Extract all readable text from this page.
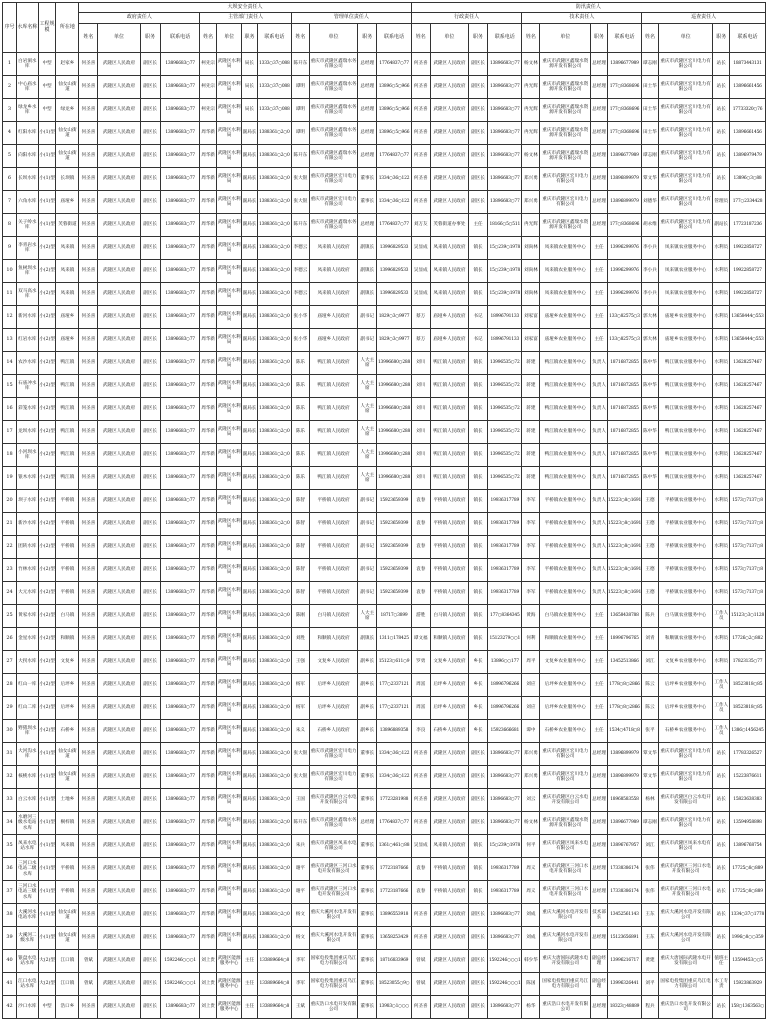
序号	水库名称	工程规模	所在地	大坝安全责任人												防汛责任人											
				政府责任人				主管部门责任人				管理单位责任人				行政责任人				技术责任人				巡查责任人			
				姓名	单位	职务	联系电话	姓名	单位	职务	联系电话	姓名	单位	职务	联系电话	姓名	单位	职务	联系电话	姓名	单位	职务	联系电话	姓名	单位	职务	联系电话
1	白岩洞水库	中型	赵家乡	何圣喜	武隆区人民政府	副区长	13896683○77	柯先宗	武隆区水利局	局长	1333○37○088	陈开东	重庆市武隆区鑫瑞水务有限公司	总经理	17764837○77	何圣喜	武隆区人民政府	副区长	13896683○77	杨文林	重庆市武隆区鑫瑞水资源开发有限公司	总经理	13896677989	谭志刚	重庆市武隆区宏川电力有限公司	站长	18873443131
2	中心庙水库	中型	仙女山街道	何圣喜	武隆区人民政府	副区长	13896683○77	柯先宗	武隆区水利局	局长	1333○37○088	谭明	重庆市武隆区鑫瑞水务有限公司	总经理	13896○5○966	何圣喜	武隆区人民政府	副区长	13896683○77	冉光辉	重庆市武隆区鑫瑞水资源开发有限公司	总经理	177○8368696	田士华	重庆市武隆区宏川电力有限公司	站长	13896661456
3	绿龙乡水库	中型	绿龙乡	何圣喜	武隆区人民政府	副区长	13896683○77	柯先宗	武隆区水利局	局长	1333○37○088	谭明	重庆市武隆区鑫瑞水务有限公司	总经理	13896○5○966	何圣喜	武隆区人民政府	副区长	13896683○77	冉光辉	重庆市武隆区鑫瑞水资源开发有限公司	总经理	177○8368696	田士华	重庆市武隆区宏川电力有限公司	站长	17733320○76
4	红阳水库	小(1)型	仙女山街道	何圣喜	武隆区人民政府	副区长	13896683○77	周华新	武隆区水利局	副局长	1388361○2○0	谭明	重庆市武隆区鑫瑞水务有限公司	总经理	13896○5○966	何圣喜	武隆区人民政府	副区长	13896683○77	冉光辉	重庆市武隆区鑫瑞水资源开发有限公司	总经理	177○8368696	田士华	重庆市武隆区宏川电力有限公司	站长	13896661456
5	向阳水库	小(1)型	仙女山街道	何圣喜	武隆区人民政府	副区长	13896683○77	周华新	武隆区水利局	副局长	1388361○2○0	陈开东	重庆市武隆区鑫瑞水务有限公司	总经理	17764837○77	何圣喜	武隆区人民政府	副区长	13896683○77	杨文林	重庆市武隆区鑫瑞水资源开发有限公司	总经理	13896677989	谭志刚	重庆市武隆区宏川电力有限公司	站长	13896979479
6	长坝水库	小(1)型	长坝镇	何圣喜	武隆区人民政府	副区长	13896683○77	周华新	武隆区水利局	副局长	1388361○2○0	张大银	重庆市武隆区宏川电力有限公司	董事长	1334○36○122	何圣喜	武隆区人民政府	副区长	13896683○77	郑兴勇	重庆市武隆区宏川电力有限公司	总经理	13896899979	覃文华	重庆市武隆区宏川电力有限公司	站长	13896○3○88
7	六角水库	小(1)型	庙垭乡	何圣喜	武隆区人民政府	副区长	13896683○77	周华新	武隆区水利局	副局长	1388361○2○0	张大银	重庆市武隆区宏川电力有限公司	董事长	1334○36○122	何圣喜	武隆区人民政府	副区长	13896683○77	郑兴勇	重庆市武隆区宏川电力有限公司	总经理	13896899979	刘德华	重庆市武隆区宏川电力有限公司	管理员	177○2334428
8	关子岭水库	小(1)型	芙蓉街道	何圣喜	武隆区人民政府	副区长	13896683○77	周华新	武隆区水利局	副局长	1388361○2○0	陈开东	重庆市武隆区鑫瑞水务有限公司	总经理	17764837○77	刘万友	芙蓉街道办事处	主任	18166○5○511	冉光辉	重庆市武隆区鑫瑞水资源开发有限公司	总经理	177○8368696	胡永维	重庆市武隆区宏川电力有限公司	副站长	17723187236
9	李青岩水库	小(2)型	凤来镇	何圣喜	武隆区人民政府	副区长	13896683○77	周华新	武隆区水利局	副局长	1388361○2○0	李德云	凤来镇人民政府	副镇长	13996829533	吴显成	凤来镇人民政府	镇长	15○239○1978	刘尚林	凤来镇农业服务中心	主任	13996299976	李小兵	凤来镇农业服务中心	水利员	19922858727
10	鱼树坝水库	小(2)型	凤来镇	何圣喜	武隆区人民政府	副区长	13896683○77	周华新	武隆区水利局	副局长	1388361○2○0	李德云	凤来镇人民政府	副镇长	13996829533	吴显成	凤来镇人民政府	镇长	15○239○1978	刘尚林	凤来镇农业服务中心	主任	13996299976	李小兵	凤来镇农业服务中心	水利员	19922858727
11	双马高水库	小(2)型	凤来镇	何圣喜	武隆区人民政府	副区长	13896683○77	周华新	武隆区水利局	副局长	1388361○2○0	李德云	凤来镇人民政府	副镇长	13996829533	吴显成	凤来镇人民政府	镇长	15○239○1978	刘尚林	凤来镇农业服务中心	主任	13996299976	李小兵	凤来镇农业服务中心	水利员	19922858727
12	新河水库	小(2)型	庙垭乡	何圣喜	武隆区人民政府	副区长	13896683○77	周华新	武隆区水利局	副局长	1388361○2○0	张小华	庙垭乡人民政府	副书记	1829○3○9977	蔡万	庙垭乡人民政府	书记	18996791133	刘家富	庙垭乡农业服务中心	主任	133○82575○3	郭大林	庙垭乡农业服务中心	水利员	13658444○553
13	红岩水库	小(2)型	庙垭乡	何圣喜	武隆区人民政府	副区长	13896683○77	周华新	武隆区水利局	副局长	1388361○2○0	张小华	庙垭乡人民政府	副书记	1829○3○9977	蔡万	庙垭乡人民政府	书记	18996791133	刘家富	庙垭乡农业服务中心	主任	133○82575○3	郭大林	庙垭乡农业服务中心	水利员	13658444○553
14	农沙水库	小(2)型	鸭江镇	何圣喜	武隆区人民政府	副区长	13896683○77	周华新	武隆区水利局	副局长	1388361○2○0	陈乐	鸭江镇人民政府	人大主席	13996680○288	刘川	鸭江镇人民政府	镇长	13996535○72	蒋建	鸭江镇农业服务中心	负责人	18716872855	陈中华	鸭江镇农业服务中心	水利员	13628257467
15	石庙冲水库	小(2)型	鸭江镇	何圣喜	武隆区人民政府	副区长	13896683○77	周华新	武隆区水利局	副局长	1388361○2○0	陈乐	鸭江镇人民政府	人大主席	13996680○288	刘川	鸭江镇人民政府	镇长	13996535○72	蒋建	鸭江镇农业服务中心	负责人	18716872855	陈中华	鸭江镇农业服务中心	水利员	13628257467
16	彩笼水库	小(2)型	鸭江镇	何圣喜	武隆区人民政府	副区长	13896683○77	周华新	武隆区水利局	副局长	1388361○2○0	陈乐	鸭江镇人民政府	人大主席	13996680○288	刘川	鸭江镇人民政府	镇长	13996535○72	蒋建	鸭江镇农业服务中心	负责人	18716872855	陈中华	鸭江镇农业服务中心	水利员	13628257467
17	龙坝水库	小(2)型	鸭江镇	何圣喜	武隆区人民政府	副区长	13896683○77	周华新	武隆区水利局	副局长	1388361○2○0	陈乐	鸭江镇人民政府	人大主席	13996680○288	刘川	鸭江镇人民政府	镇长	13996535○72	蒋建	鸭江镇农业服务中心	负责人	18716872855	陈中华	鸭江镇农业服务中心	水利员	13628257467
18	小河坝水库	小(2)型	鸭江镇	何圣喜	武隆区人民政府	副区长	13896683○77	周华新	武隆区水利局	副局长	1388361○2○0	陈乐	鸭江镇人民政府	人大主席	13996680○288	刘川	鸭江镇人民政府	镇长	13996535○72	蒋建	鸭江镇农业服务中心	负责人	18716872855	陈中华	鸭江镇农业服务中心	水利员	13628257467
19	银木水库	小(2)型	鸭江镇	何圣喜	武隆区人民政府	副区长	13896683○77	周华新	武隆区水利局	副局长	1388361○2○0	陈乐	鸭江镇人民政府	人大主席	13996680○288	刘川	鸭江镇人民政府	镇长	13996535○72	蒋建	鸭江镇农业服务中心	负责人	18716872855	陈中华	鸭江镇农业服务中心	水利员	13628257467
20	坝子水库	小(2)型	平桥镇	何圣喜	武隆区人民政府	副区长	13896683○77	周华新	武隆区水利局	副局长	1388361○2○0	陈智	平桥镇人民政府	副书记	15923659399	袁春	平桥镇人民政府	镇长	19936317789	李军	平桥镇农业服务中心	负责人	15223○8○1691	王德	平桥镇农业服务中心	水利员	1573○7137○8
21	新沙水库	小(2)型	平桥镇	何圣喜	武隆区人民政府	副区长	13896683○77	周华新	武隆区水利局	副局长	1388361○2○0	陈智	平桥镇人民政府	副书记	15923659399	袁春	平桥镇人民政府	镇长	19936317789	李军	平桥镇农业服务中心	负责人	15223○8○1691	王德	平桥镇农业服务中心	水利员	1573○7137○8
22	团转水库	小(2)型	平桥镇	何圣喜	武隆区人民政府	副区长	13896683○77	周华新	武隆区水利局	副局长	1388361○2○0	陈智	平桥镇人民政府	副书记	15923659399	袁春	平桥镇人民政府	镇长	19936317789	李军	平桥镇农业服务中心	负责人	15223○8○1691	王德	平桥镇农业服务中心	水利员	1573○7137○8
23	竹林水库	小(2)型	平桥镇	何圣喜	武隆区人民政府	副区长	13896683○77	周华新	武隆区水利局	副局长	1388361○2○0	陈智	平桥镇人民政府	副书记	15923659399	袁春	平桥镇人民政府	镇长	19936317789	李军	平桥镇农业服务中心	负责人	15223○8○1691	王德	平桥镇农业服务中心	水利员	1573○7137○8
24	大元水库	小(2)型	平桥镇	何圣喜	武隆区人民政府	副区长	13896683○77	周华新	武隆区水利局	副局长	1388361○2○0	陈智	平桥镇人民政府	副书记	15923659399	袁春	平桥镇人民政府	镇长	19936317789	李军	平桥镇农业服务中心	负责人	15223○8○1691	王德	平桥镇农业服务中心	水利员	1573○7137○8
25	黄家水库	小(2)型	白马镇	何圣喜	武隆区人民政府	副区长	13896683○77	周华新	武隆区水利局	副局长	1388361○2○0	陈刚	白马镇人民政府	人大主席	18717○3899	游胜	白马镇人民政府	镇长	177○8364345	黄海	白马镇农业服务中心	主任	13658438788	陈兵	白马镇农业服务中心	工作人员	15123○3○1128
26	金星水库	小(2)型	和顺镇	何圣喜	武隆区人民政府	副区长	13896683○77	周华新	武隆区水利局	副局长	1388361○2○0	刘胜	和顺镇人民政府	副镇长	1311○178425	谭文福	和顺镇人民政府	镇长	15123279○○1	何利	和顺镇农业服务中心	主任	18996796765	刘青	和顺镇农业服务中心	水利员	17726○2○882
27	大拐水库	小(2)型	文复乡	何圣喜	武隆区人民政府	副区长	13896683○77	周华新	武隆区水利局	副局长	1388361○2○0	王强	文复乡人民政府	副乡长	15123○611○9	罗勇	文复乡人民政府	乡长	13896○○177	周平	文复乡农业服务中心	主任	13452513866	刘江	文复乡农业服务中心	水利员	17823135○77
28	红山一库	小(2)型	后坪乡	何圣喜	武隆区人民政府	副区长	13896683○77	周华新	武隆区水利局	副局长	1388361○2○0	杨军	后坪乡人民政府	副乡长	177○2337121	周富	后坪乡人民政府	乡长	18996796266	刘应	后坪乡农业服务中心	主任	1778○8○2866	陈云	后坪乡农业服务中心	工作人员	18523818○85
29	红山二库	小(2)型	后坪乡	何圣喜	武隆区人民政府	副区长	13896683○77	周华新	武隆区水利局	副局长	1388361○2○0	杨军	后坪乡人民政府	副乡长	177○2337121	周富	后坪乡人民政府	乡长	18996796266	刘应	后坪乡农业服务中心	主任	1778○8○2866	陈云	后坪乡农业服务中心	工作人员	18523818○85
30	野猪坝水库	小(2)型	石桥乡	何圣喜	武隆区人民政府	副区长	13896683○77	周华新	武隆区水利局	副局长	1388361○2○0	朱义	石桥乡人民政府	副乡长	13896889358	李良	石桥乡人民政府	乡长	15923666681	谭中	石桥乡农业服务中心	主任	1534○4718○8	张平	石桥乡农业服务中心	工作人员	1386○1456245
31	大河沟水库	小(1)型	仙女山街道	何圣喜	武隆区人民政府	副区长	13896683○77	周华新	武隆区水利局	副局长	1388361○2○0	张大银	重庆市武隆区宏川电力有限公司	董事长	1334○36○122	何圣喜	武隆区人民政府	副区长	13896683○77	郑兴勇	重庆市武隆区宏川电力有限公司	总经理	13896899979	覃文华	重庆市武隆区宏川电力有限公司	站长	17783326527
32	核桃水库	小(1)型	仙女山街道	何圣喜	武隆区人民政府	副区长	13896683○77	周华新	武隆区水利局	副局长	1388361○2○0	张大银	重庆市武隆区宏川电力有限公司	董事长	1334○36○122	何圣喜	武隆区人民政府	副区长	13896683○77	郑兴勇	重庆市武隆区宏川电力有限公司	总经理	13896899979	覃文华	重庆市武隆区宏川电力有限公司	站长	15223876611
33	白云水库	小(1)型	土地乡	何圣喜	武隆区人民政府	副区长	13896683○77	周华新	武隆区水利局	副局长	1388361○2○0	王国	重庆市武隆区白云水电开发有限公司	董事长	17723281988	何圣喜	武隆区人民政府	副区长	13896683○77	刘云	重庆市武隆区白云水电开发有限公司	总经理	18968583558	杨林	重庆市武隆区白云水电开发有限公司	站长	15823638383
34	水磨河三级水电站水库	小(1)型	桐梓镇	何圣喜	武隆区人民政府	副区长	13896683○77	周华新	武隆区水利局	副局长	1388361○2○0	陈开东	重庆市武隆区鑫瑞水务有限公司	总经理	17764837○77	何圣喜	武隆区人民政府	副区长	13896683○77	杨文林	重庆市武隆区鑫瑞水资源开发有限公司	总经理	13896677989	谭志刚	重庆市武隆区宏川电力有限公司	站长	13594958898
35	凤来水电站水库	小(1)型	凤来镇	何圣喜	武隆区人民政府	副区长	13896683○77	周华新	武隆区水利局	副局长	1388361○2○0	朱兵	重庆市武隆区凤来水电有限公司	董事长	1361○461○88	吴显成	凤来镇人民政府	镇长	15○239○1978	何平	重庆市武隆区凤来水电有限公司	总经理	13896767957	刘江	重庆市武隆区凤来水电有限公司	站长	13896768754
36	三河口水电站二级水库	小(1)型	平桥镇	何圣喜	武隆区人民政府	副区长	13896683○77	周华新	武隆区水利局	副局长	1388361○2○0	谢平	重庆市武隆区三河口水电开发有限公司	董事长	17723187666	袁春	平桥镇人民政府	镇长	19936317789	周义	重庆市武隆区三河口水电开发有限公司	总经理	17338386174	张伟	重庆市武隆区三河口水电开发有限公司	站长	17725○8○889
37	三河口水电站三级水库	小(1)型	平桥镇	何圣喜	武隆区人民政府	副区长	13896683○77	周华新	武隆区水利局	副局长	1388361○2○0	谢平	重庆市武隆区三河口水电开发有限公司	董事长	17723187666	袁春	平桥镇人民政府	镇长	19936317789	周义	重庆市武隆区三河口水电开发有限公司	总经理	17338386174	张伟	重庆市武隆区三河口水电开发有限公司	站长	17725○8○889
38	大溪河水电站水库	小(1)型	仙女山街道	何圣喜	武隆区人民政府	副区长	13896683○77	周华新	武隆区水利局	副局长	1388361○2○0	杨文	重庆大溪河水电开发有限公司	董事长	13896553918	何圣喜	武隆区人民政府	副区长	13896683○77	刘成	重庆大溪河水电开发有限公司	技术部长	13452561143	王东	重庆大溪河水电开发有限公司	站长	1334○37○1778
39	大溪河二级水库	小(1)型	仙女山街道	何圣喜	武隆区人民政府	副区长	13896683○77	周华新	武隆区水利局	副局长	1388361○2○0	杨文	重庆大溪河水电开发有限公司	董事长	13658253429	何圣喜	武隆区人民政府	副区长	13896683○77	刘成	重庆大溪河水电开发有限公司	总经理	15123656891	王东	重庆大溪河水电开发有限公司	站长	1996○8○○359
40	银盘水电站水库	大(2)型	江口镇	曾斌	武隆区人民政府	副区长	1592246○○○1	刘上贵	武隆区能源服务中心	主任	133889664○8	李军	国家电投集团重庆乌江电力有限公司	董事长	18716833969	曾斌	武隆区人民政府	副区长	1592246○○○1	韩少华	重庆大唐国际武隆水电开发有限公司	副总经理	13996216717	黄建	重庆大唐国际武隆水电开发有限公司	值班主任	13594453○○5
41	江口水电站水库	大(2)型	江口镇	曾斌	武隆区人民政府	副区长	1592246○○○1	刘上贵	武隆区能源服务中心	主任	133889664○8	李军	国家电投集团重庆乌江电力有限公司	董事长	18523055○9○	曾斌	武隆区人民政府	副区长	1592246○○○1	陈国	国家电投集团重庆乌江电力有限公司	副总经理	13996326441	刘平	国家电投集团重庆乌江电力有限公司	水工专责	15923863929
42	沙口水库	中型	浩口乡	何圣喜	武隆区人民政府	副区长	13896683○77	刘上贵	武隆区能源服务中心	主任	133889664○8	王斌	重庆浩口水电开发有限公司	董事长	13983○1○○○	何圣喜	武隆区人民政府	副区长	13896683○77	杨华	重庆浩口水电开发有限公司	总经理	18323○48889	程兵	重庆浩口水电开发有限公司	站长	158○1363563○
